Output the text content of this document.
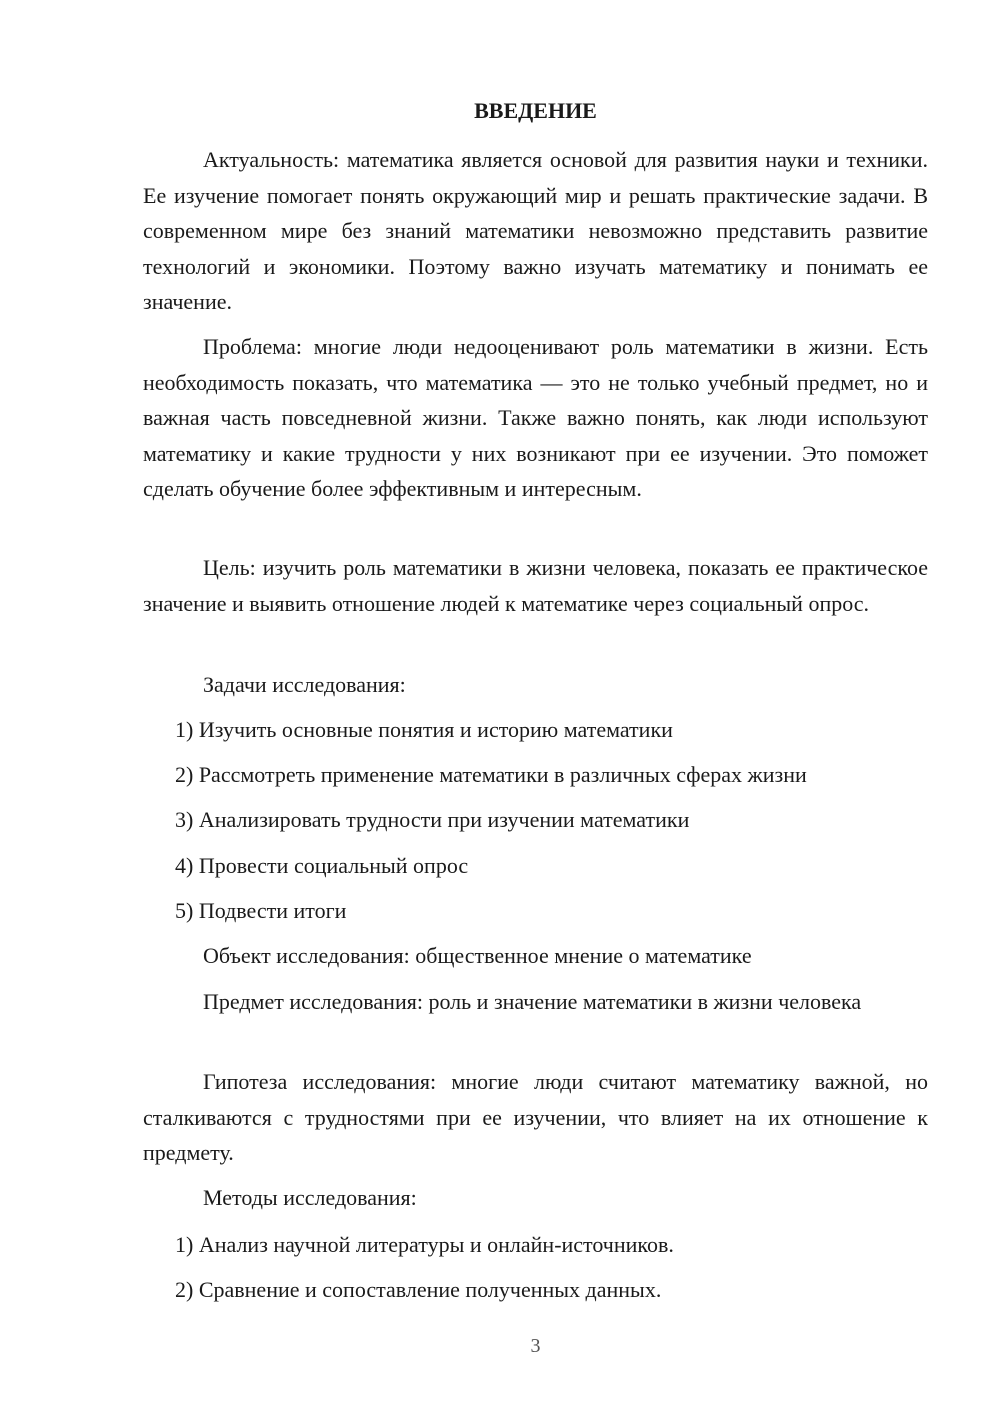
ВВЕДЕНИЕ

Актуальность: математика является основой для развития науки и техники. Ее изучение помогает понять окружающий мир и решать практические задачи. В современном мире без знаний математики невозможно представить развитие технологий и экономики. Поэтому важно изучать математику и понимать ее значение.

Проблема: многие люди недооценивают роль математики в жизни. Есть необходимость показать, что математика — это не только учебный предмет, но и важная часть повседневной жизни. Также важно понять, как люди используют математику и какие трудности у них возникают при ее изучении. Это поможет сделать обучение более эффективным и интересным.

Цель: изучить роль математики в жизни человека, показать ее практическое значение и выявить отношение людей к математике через социальный опрос.

Задачи исследования:
1) Изучить основные понятия и историю математики
2) Рассмотреть применение математики в различных сферах жизни
3) Анализировать трудности при изучении математики
4) Провести социальный опрос
5) Подвести итоги
Объект исследования: общественное мнение о математике

Предмет исследования: роль и значение математики в жизни человека

Гипотеза исследования: многие люди считают математику важной, но сталкиваются с трудностями при ее изучении, что влияет на их отношение к предмету.

Методы исследования:
1) Анализ научной литературы и онлайн-источников.
2) Сравнение и сопоставление полученных данных.
3
